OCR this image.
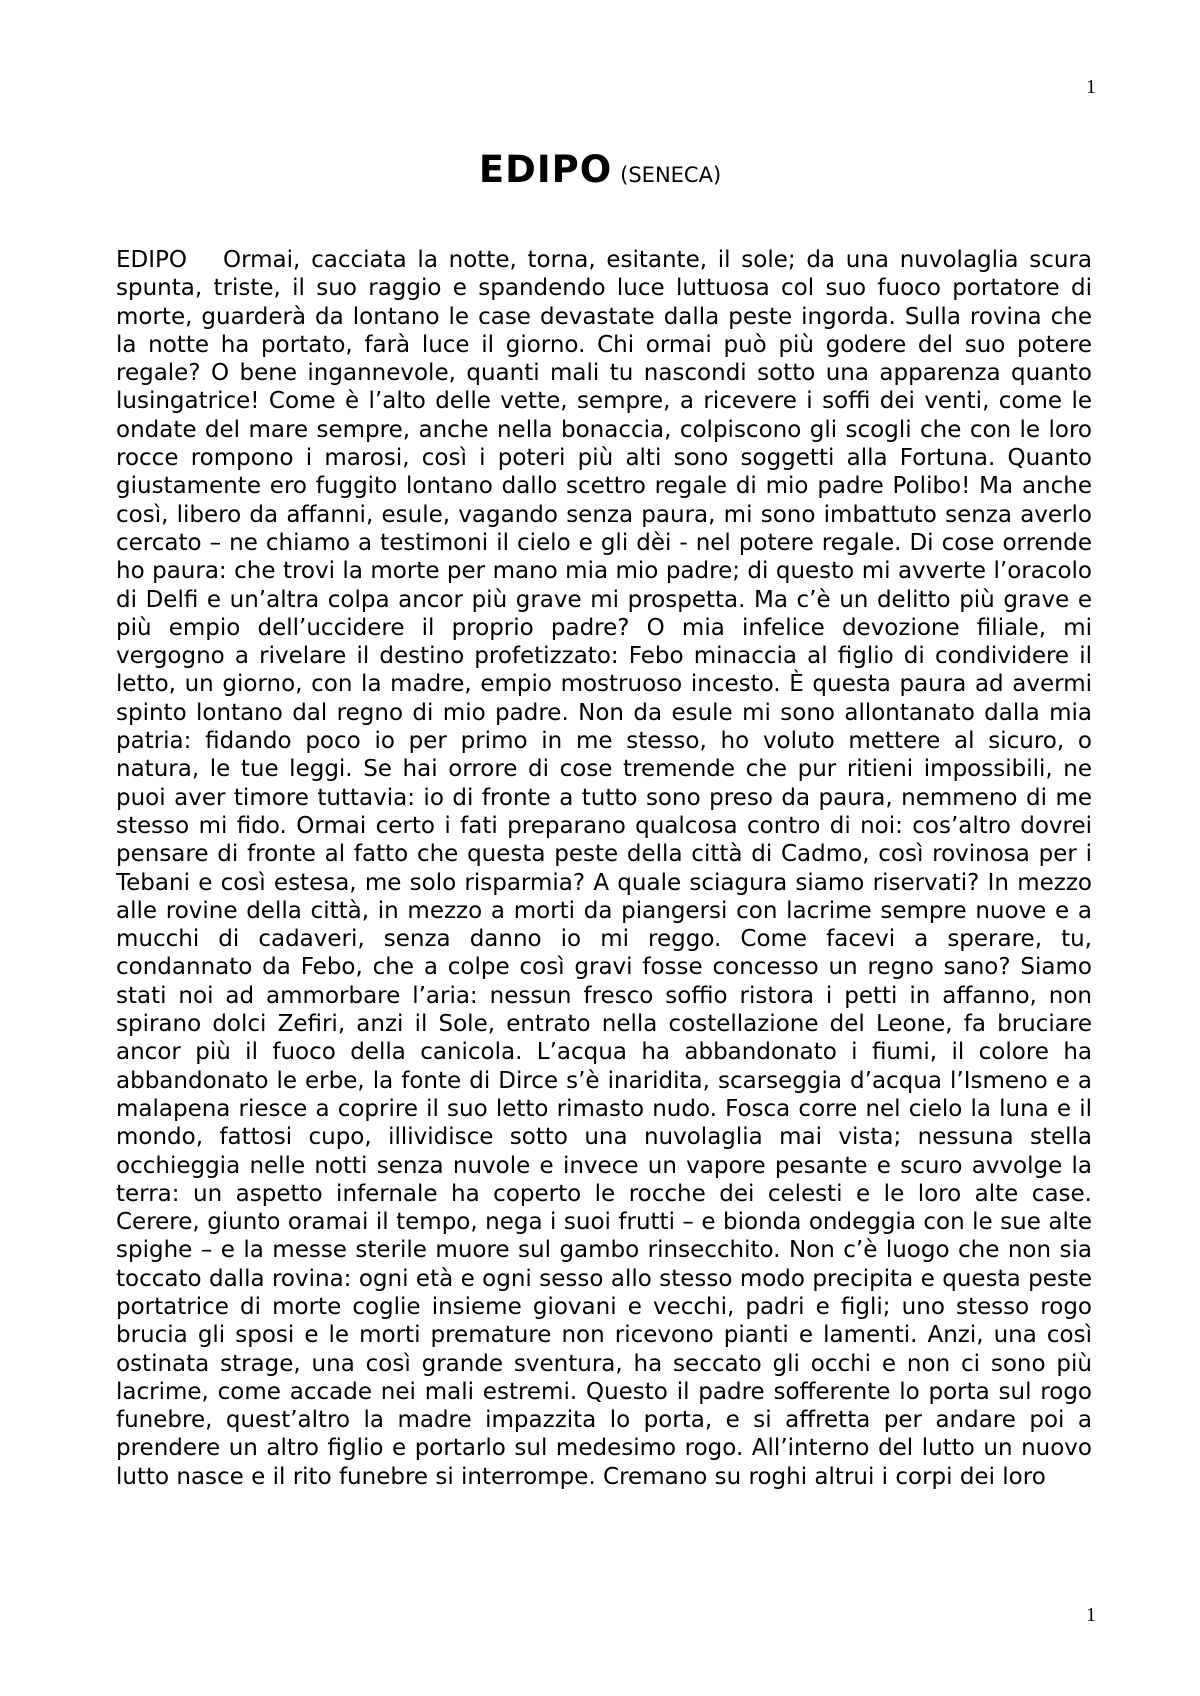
1
EDIPO (SENECA)

EDIPO Ormai, cacciata la notte, torna, esitante, il sole; da una nuvolaglia scura spunta, triste, il suo raggio e spandendo luce luttuosa col suo fuoco portatore di morte, guarderà da lontano le case devastate dalla peste ingorda. Sulla rovina che la notte ha portato, farà luce il giorno. Chi ormai può più godere del suo potere regale? O bene ingannevole, quanti mali tu nascondi sotto una apparenza quanto lusingatrice! Come è l’alto delle vette, sempre, a ricevere i soffi dei venti, come le ondate del mare sempre, anche nella bonaccia, colpiscono gli scogli che con le loro rocce rompono i marosi, così i poteri più alti sono soggetti alla Fortuna. Quanto giustamente ero fuggito lontano dallo scettro regale di mio padre Polibo! Ma anche così, libero da affanni, esule, vagando senza paura, mi sono imbattuto senza averlo cercato – ne chiamo a testimoni il cielo e gli dèi - nel potere regale. Di cose orrende ho paura: che trovi la morte per mano mia mio padre; di questo mi avverte l’oracolo di Delfi e un’altra colpa ancor più grave mi prospetta. Ma c’è un delitto più grave e più empio dell’uccidere il proprio padre? O mia infelice devozione filiale, mi vergogno a rivelare il destino profetizzato: Febo minaccia al figlio di condividere il letto, un giorno, con la madre, empio mostruoso incesto. È questa paura ad avermi spinto lontano dal regno di mio padre. Non da esule mi sono allontanato dalla mia patria: fidando poco io per primo in me stesso, ho voluto mettere al sicuro, o natura, le tue leggi. Se hai orrore di cose tremende che pur ritieni impossibili, ne puoi aver timore tuttavia: io di fronte a tutto sono preso da paura, nemmeno di me stesso mi fido. Ormai certo i fati preparano qualcosa contro di noi: cos’altro dovrei pensare di fronte al fatto che questa peste della città di Cadmo, così rovinosa per i Tebani e così estesa, me solo risparmia? A quale sciagura siamo riservati? In mezzo alle rovine della città, in mezzo a morti da piangersi con lacrime sempre nuove e a mucchi di cadaveri, senza danno io mi reggo. Come facevi a sperare, tu, condannato da Febo, che a colpe così gravi fosse concesso un regno sano? Siamo stati noi ad ammorbare l’aria: nessun fresco soffio ristora i petti in affanno, non spirano dolci Zefiri, anzi il Sole, entrato nella costellazione del Leone, fa bruciare ancor più il fuoco della canicola. L’acqua ha abbandonato i fiumi, il colore ha abbandonato le erbe, la fonte di Dirce s’è inaridita, scarseggia d’acqua l’Ismeno e a malapena riesce a coprire il suo letto rimasto nudo. Fosca corre nel cielo la luna e il mondo, fattosi cupo, illividisce sotto una nuvolaglia mai vista; nessuna stella occhieggia nelle notti senza nuvole e invece un vapore pesante e scuro avvolge la terra: un aspetto infernale ha coperto le rocche dei celesti e le loro alte case. Cerere, giunto oramai il tempo, nega i suoi frutti – e bionda ondeggia con le sue alte spighe – e la messe sterile muore sul gambo rinsecchito. Non c’è luogo che non sia toccato dalla rovina: ogni età e ogni sesso allo stesso modo precipita e questa peste portatrice di morte coglie insieme giovani e vecchi, padri e figli; uno stesso rogo brucia gli sposi e le morti premature non ricevono pianti e lamenti. Anzi, una così ostinata strage, una così grande sventura, ha seccato gli occhi e non ci sono più lacrime, come accade nei mali estremi. Questo il padre sofferente lo porta sul rogo funebre, quest’altro la madre impazzita lo porta, e si affretta per andare poi a prendere un altro figlio e portarlo sul medesimo rogo. All’interno del lutto un nuovo lutto nasce e il rito funebre si interrompe. Cremano su roghi altrui i corpi dei loro

1
